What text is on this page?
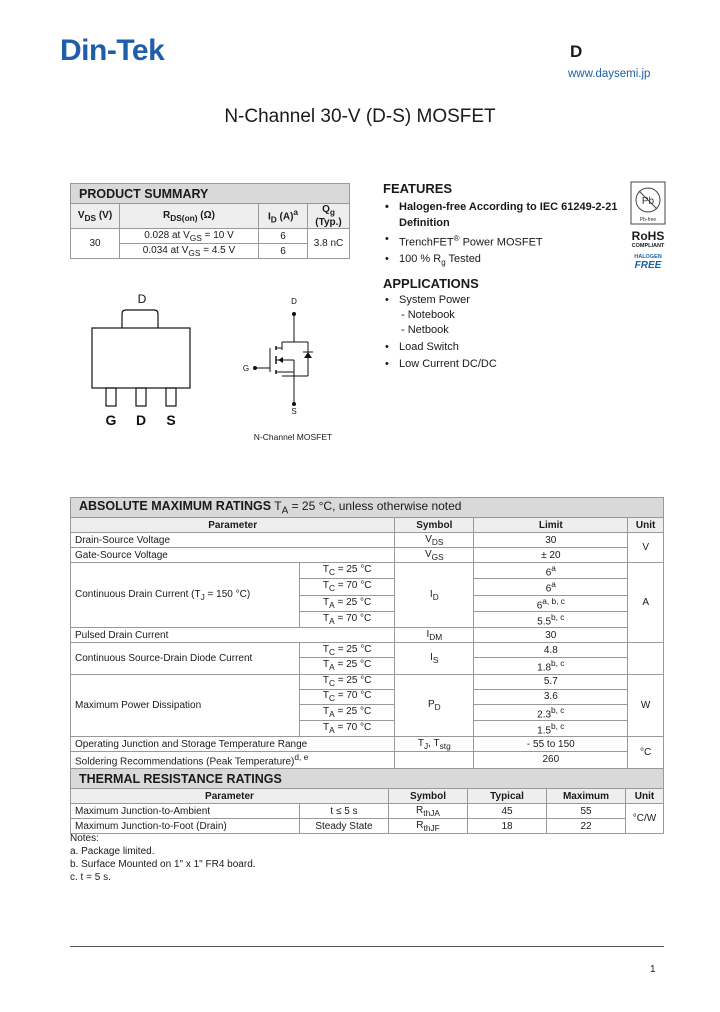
Din-Tek	D
www.daysemi.jp
N-Channel 30-V (D-S) MOSFET
PRODUCT SUMMARY			
$V_{DS}$ (V)	$R_{DS(on)}$ (Ω)	$I_D$ $(A)^a$	$Q_g$ (Typ.)
30	0.028 at $V_{GS} = 10$ V	6	3.8 nC
	0.034 at $V_{GS} = 4.5$ V	6	
FEATURES
• Halogen-free According to IEC 61249-2-21
Definition
• TrenchFET® Power MOSFET
• 100 % $R_g$ Tested
APPLICATIONS
• System Power
- Notebook
- Netbook
• Load Switch
• Low Current DC/DC
Pb
Pb-free
RoHS
COMPLIANT
HALOGEN
FREE
D
G D S
D
S
G
N-Channel MOSFET
ABSOLUTE MAXIMUM RATINGS $T_A = 25$ °C, unless otherwise noted				
Parameter		Symbol	Limit	Unit
Drain-Source Voltage		$V_{DS}$	30	V
Gate-Source Voltage		$V_{GS}$	± 20	
Continuous Drain Current ($T_J = 150$ °C)	$T_C = 25$ °C	$I_D$	6$^a$	A
	$T_C = 70$ °C		6$^a$
	$T_A = 25$ °C		6$^{a, b, c}$
	$T_A = 70$ °C		5.5$^{b, c}$
Pulsed Drain Current		$I_{DM}$	30	
Continuous Source-Drain Diode Current	$T_C = 25$ °C	$I_S$	4.8	
	$T_A = 25$ °C		1.8$^{b, c}$
Maximum Power Dissipation	$T_C = 25$ °C	$P_D$	5.7	W
	$T_C = 70$ °C		3.6	
	$T_A = 25$ °C		2.3$^{b, c}$
	$T_A = 70$ °C		1.5$^{b, c}$
Operating Junction and Storage Temperature Range		$T_J$, $T_{stg}$	- 55 to 150	°C
Soldering Recommendations (Peak Temperature)$^{d, e}$			260	
THERMAL RESISTANCE RATINGS					
Parameter		Symbol	Typical	Maximum	Unit
Maximum Junction-to-Ambient	t ≤ 5 s	$R_{thJA}$	45	55	°C/W
Maximum Junction-to-Foot (Drain)	Steady State	$R_{thJF}$	18	22	
Notes:
a. Package limited.
b. Surface Mounted on 1" x 1" FR4 board.
c. t = 5 s.
1
